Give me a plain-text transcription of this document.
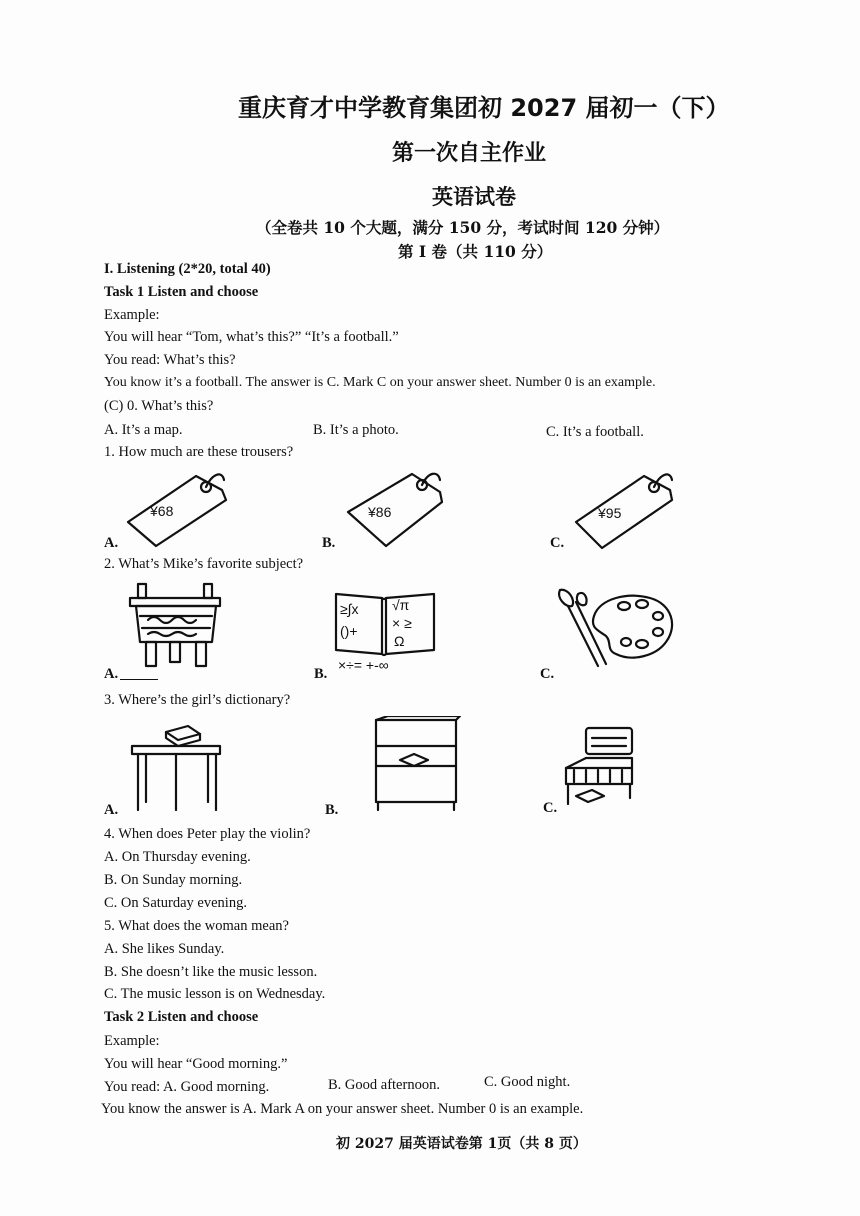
重庆育才中学教育集团初 2027 届初一（下）
第一次自主作业
英语试卷
（全卷共 10 个大题，满分 150 分，考试时间 120 分钟）
第 I 卷（共 110 分）
I. Listening (2*20, total 40)
Task 1 Listen and choose
Example:
You will hear “Tom, what’s this?” “It’s a football.”
You read: What’s this?
You know it’s a football. The answer is C. Mark C on your answer sheet. Number 0 is an example.
(C) 0. What’s this?
A. It’s a map.	B. It’s a photo.	C. It’s a football.
1. How much are these trousers?
¥68
A.
¥86
B.
¥95
C.
2. What’s Mike’s favorite subject?
A.
≥∫x
()+
√π
× ≥
Ω
×÷= +-∞
B.	C.
3. Where’s the girl’s dictionary?
A.	B.	C.
4. When does Peter play the violin?
A. On Thursday evening.
B. On Sunday morning.
C. On Saturday evening.
5. What does the woman mean?
A. She likes Sunday.
B. She doesn’t like the music lesson.
C. The music lesson is on Wednesday.
Task 2 Listen and choose
Example:
You will hear “Good morning.”
You read: A. Good morning.	B. Good afternoon.	C. Good night.
You know the answer is A. Mark A on your answer sheet. Number 0 is an example.
初 2027 届英语试卷第 1页（共 8 页）
